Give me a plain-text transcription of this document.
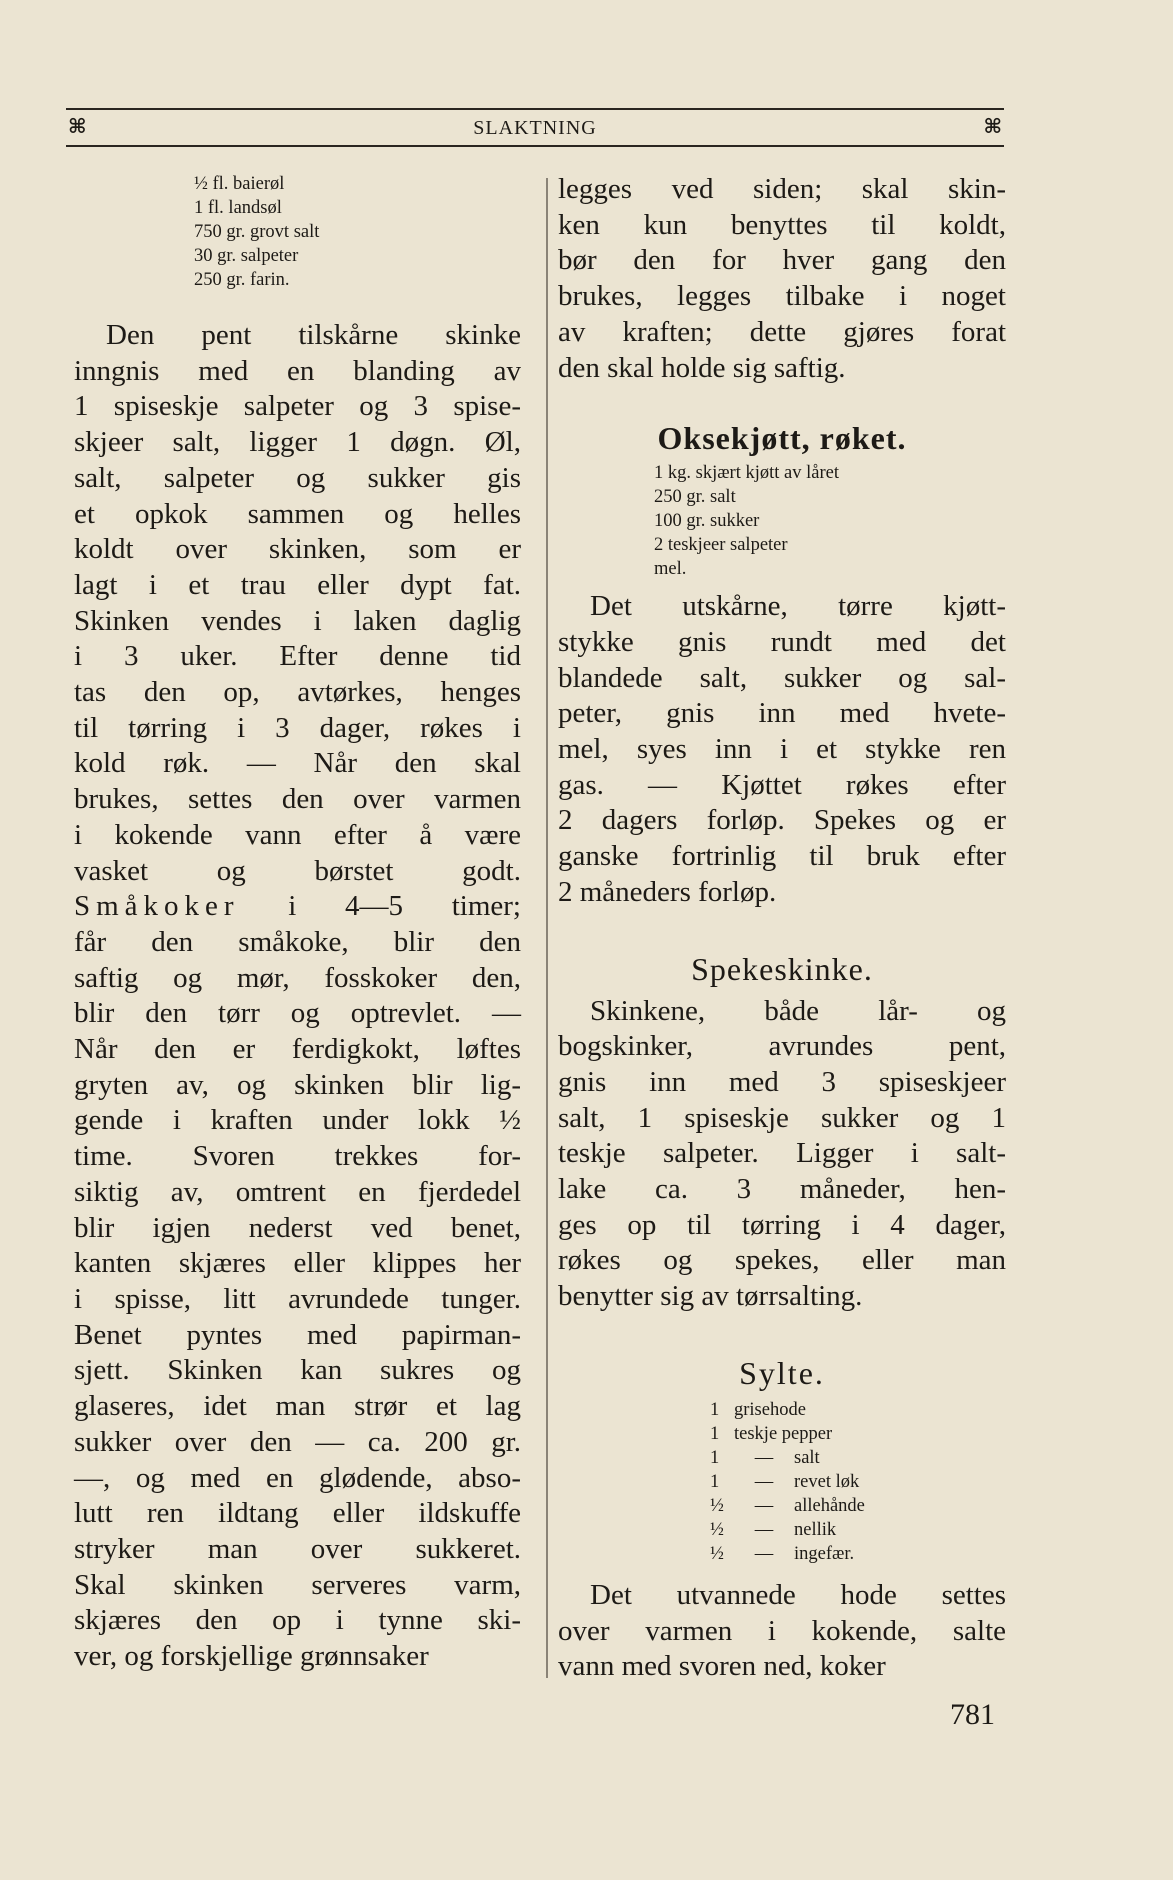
⌘	SLAKTNING	⌘
½ fl. baierøl
1 fl. landsøl
750 gr. grovt salt
30 gr. salpeter
250 gr. farin.

Den pent tilskårne skinke
inngnis med en blanding av
1 spiseskje salpeter og 3 spise-
skjeer salt, ligger 1 døgn. Øl,
salt, salpeter og sukker gis
et opkok sammen og helles
koldt over skinken, som er
lagt i et trau eller dypt fat.
Skinken vendes i laken daglig
i 3 uker. Efter denne tid
tas den op, avtørkes, henges
til tørring i 3 dager, røkes i
kold røk. — Når den skal
brukes, settes den over varmen
i kokende vann efter å være
vasket og børstet godt.
Småkoker i 4—5 timer;
får den småkoke, blir den
saftig og mør, fosskoker den,
blir den tørr og optrevlet. —
Når den er ferdigkokt, løftes
gryten av, og skinken blir lig-
gende i kraften under lokk ½
time. Svoren trekkes for-
siktig av, omtrent en fjerdedel
blir igjen nederst ved benet,
kanten skjæres eller klippes her
i spisse, litt avrundede tunger.
Benet pyntes med papirman-
sjett. Skinken kan sukres og
glaseres, idet man strør et lag
sukker over den — ca. 200 gr.
—, og med en glødende, abso-
lutt ren ildtang eller ildskuffe
stryker man over sukkeret.
Skal skinken serveres varm,
skjæres den op i tynne ski-
ver, og forskjellige grønnsaker

legges ved siden; skal skin-
ken kun benyttes til koldt,
bør den for hver gang den
brukes, legges tilbake i noget
av kraften; dette gjøres forat
den skal holde sig saftig.

Oksekjøtt, røket.
1 kg. skjært kjøtt av låret
250 gr. salt
100 gr. sukker
2 teskjeer salpeter
mel.

Det utskårne, tørre kjøtt-
stykke gnis rundt med det
blandede salt, sukker og sal-
peter, gnis inn med hvete-
mel, syes inn i et stykke ren
gas. — Kjøttet røkes efter
2 dagers forløp. Spekes og er
ganske fortrinlig til bruk efter
2 måneders forløp.

Spekeskinke.

Skinkene, både lår- og
bogskinker, avrundes pent,
gnis inn med 3 spiseskjeer
salt, 1 spiseskje sukker og 1
teskje salpeter. Ligger i salt-
lake ca. 3 måneder, hen-
ges op til tørring i 4 dager,
røkes og spekes, eller man
benytter sig av tørrsalting.

Sylte.
1 grisehode
1 teskje pepper
1 — salt
1 — revet løk
½ — allehånde
½ — nellik
½ — ingefær.

Det utvannede hode settes
over varmen i kokende, salte
vann med svoren ned, koker

781
